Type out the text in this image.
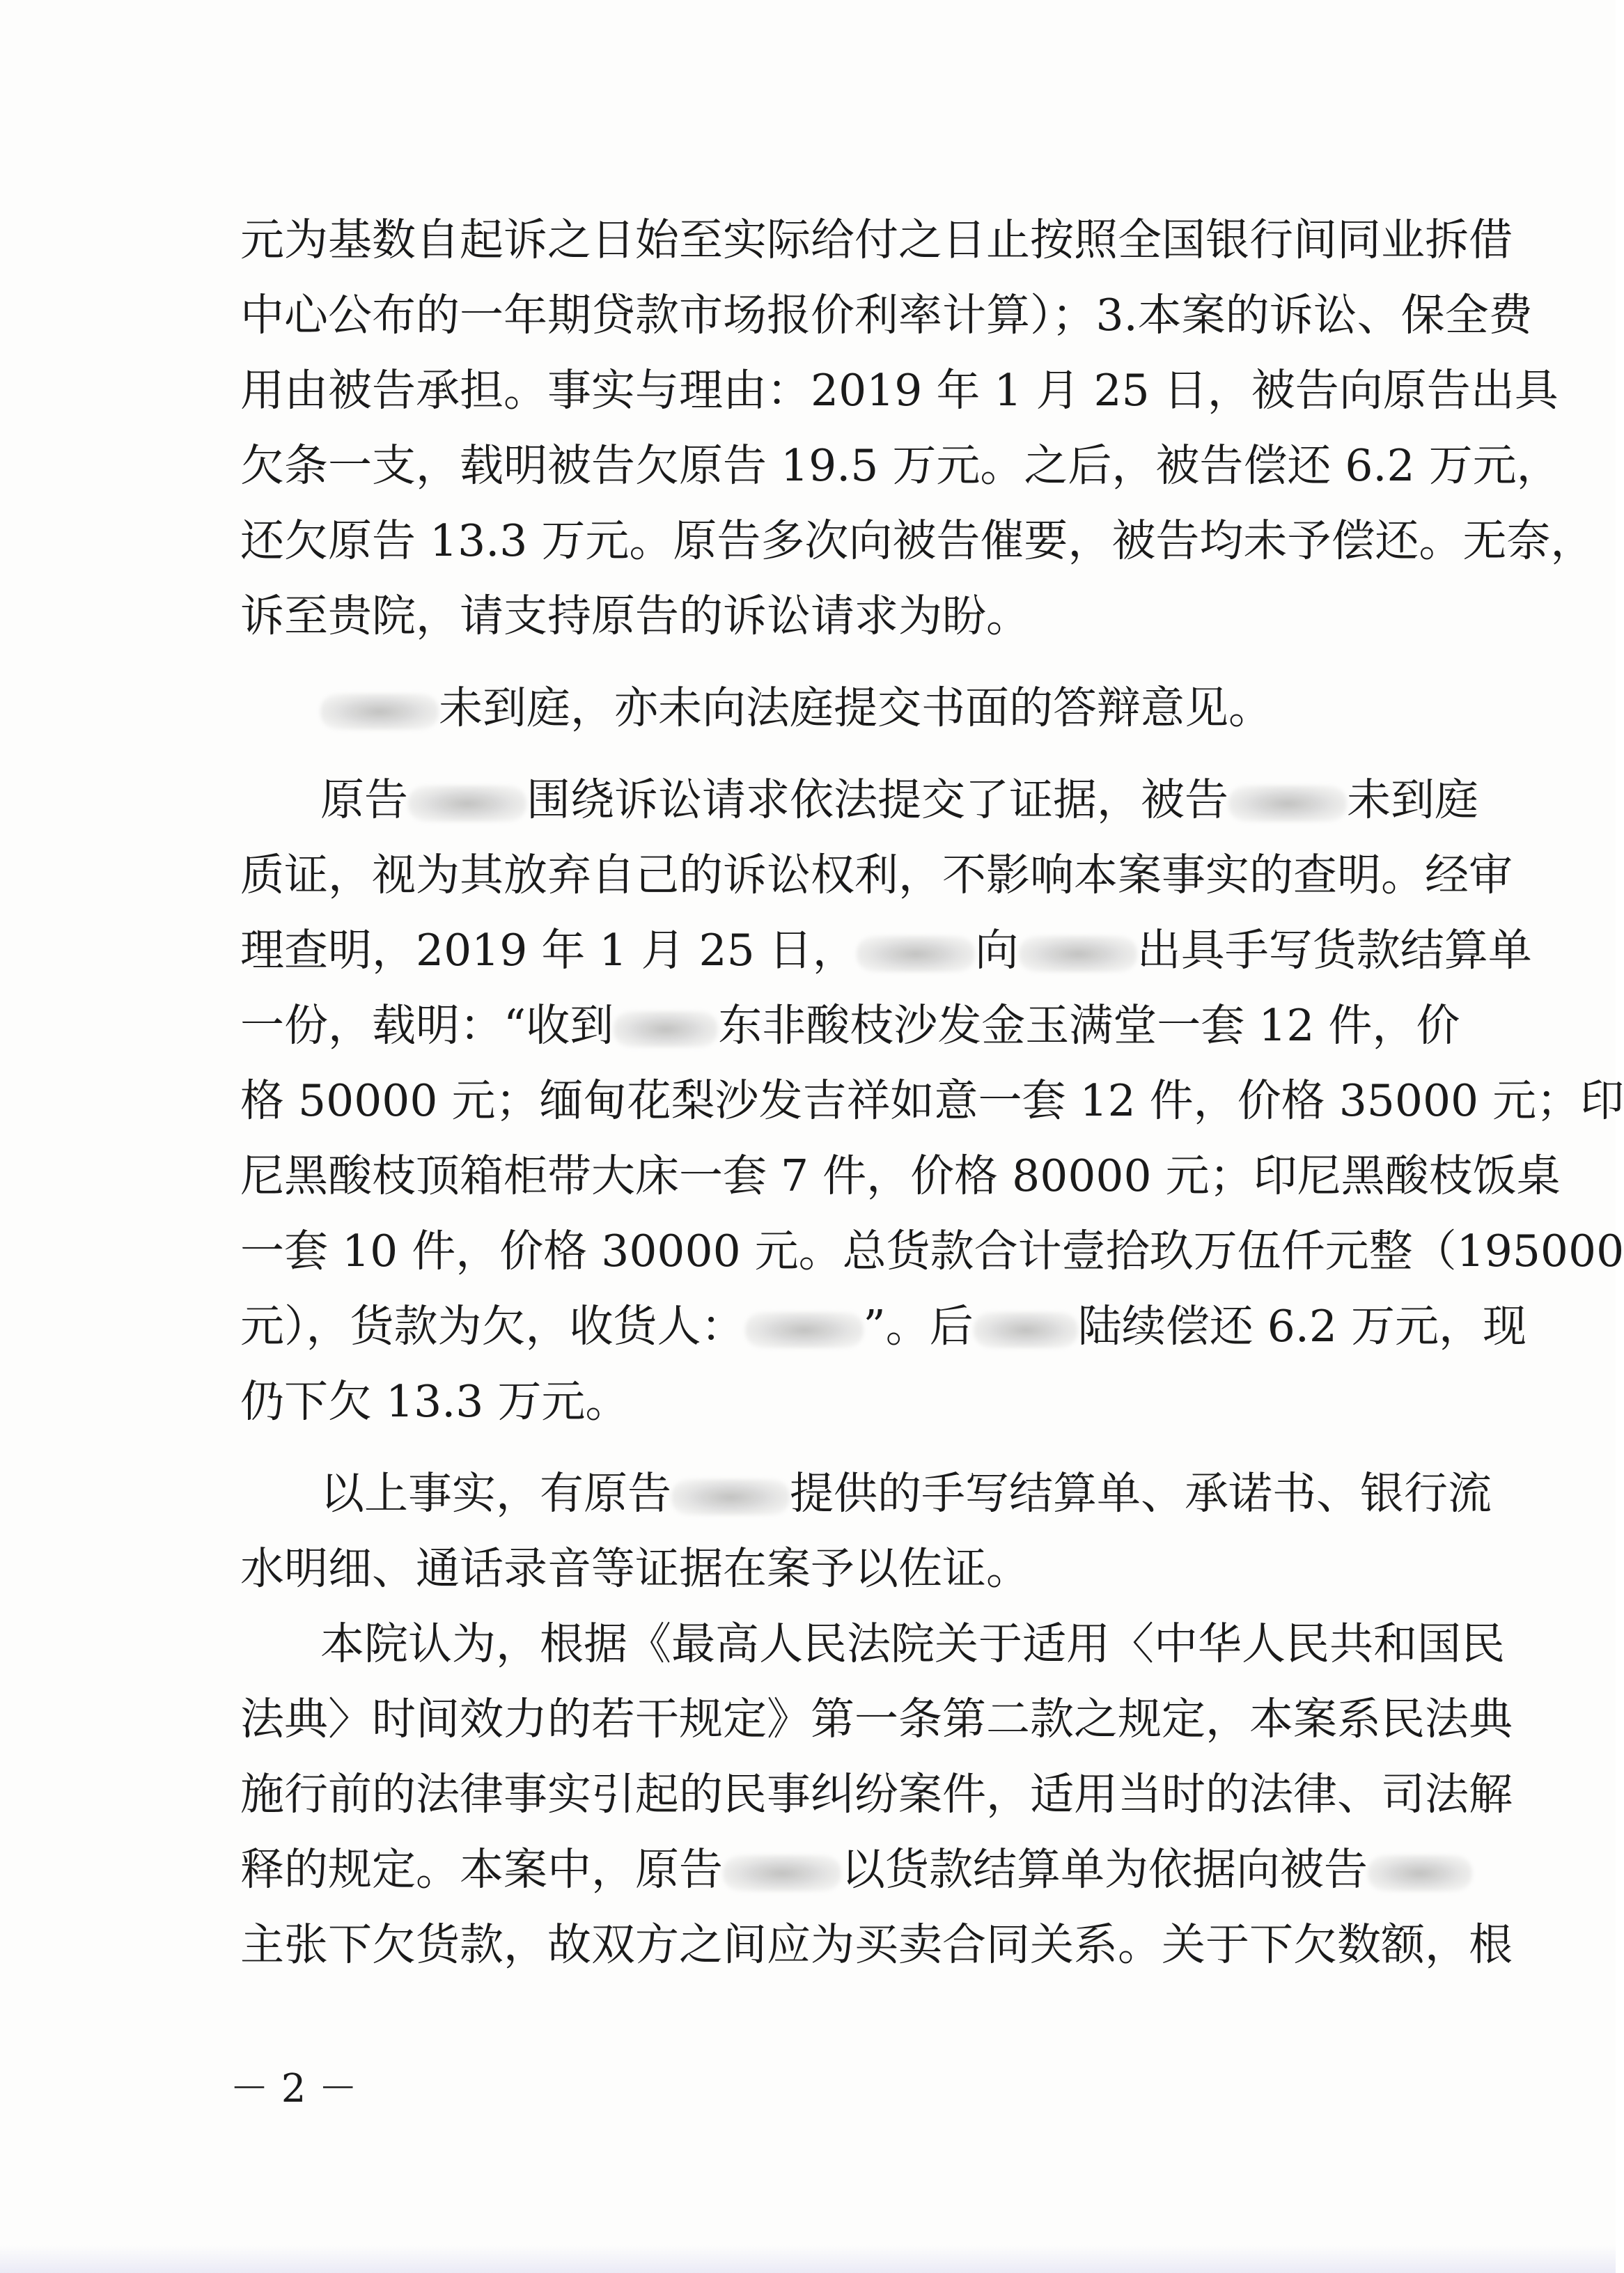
元为基数自起诉之日始至实际给付之日止按照全国银行间同业拆借
中心公布的一年期贷款市场报价利率计算）；3.本案的诉讼、保全费
用由被告承担。事实与理由：2019 年 1 月 25 日，被告向原告出具
欠条一支，载明被告欠原告 19.5 万元。之后，被告偿还 6.2 万元，
还欠原告 13.3 万元。原告多次向被告催要，被告均未予偿还。无奈，
诉至贵院，请支持原告的诉讼请求为盼。
未到庭，亦未向法庭提交书面的答辩意见。
原告	围绕诉讼请求依法提交了证据，被告	未到庭
质证，视为其放弃自己的诉讼权利，不影响本案事实的查明。经审
理查明，2019 年 1 月 25 日，	向	出具手写货款结算单
一份，载明：“收到 东非酸枝沙发金玉满堂一套 12 件，价
格 50000 元；缅甸花梨沙发吉祥如意一套 12 件，价格 35000 元；印
尼黑酸枝顶箱柜带大床一套 7 件，价格 80000 元；印尼黑酸枝饭桌
一套 10 件，价格 30000 元。总货款合计壹拾玖万伍仟元整（195000
元），货款为欠，收货人：	”。后 陆续偿还 6.2 万元，现
仍下欠 13.3 万元。
以上事实，有原告	提供的手写结算单、承诺书、银行流
水明细、通话录音等证据在案予以佐证。
本院认为，根据《最高人民法院关于适用〈中华人民共和国民
法典〉时间效力的若干规定》第一条第二款之规定，本案系民法典
施行前的法律事实引起的民事纠纷案件，适用当时的法律、司法解
释的规定。本案中，原告	以货款结算单为依据向被告
主张下欠货款，故双方之间应为买卖合同关系。关于下欠数额，根
－ 2 －
